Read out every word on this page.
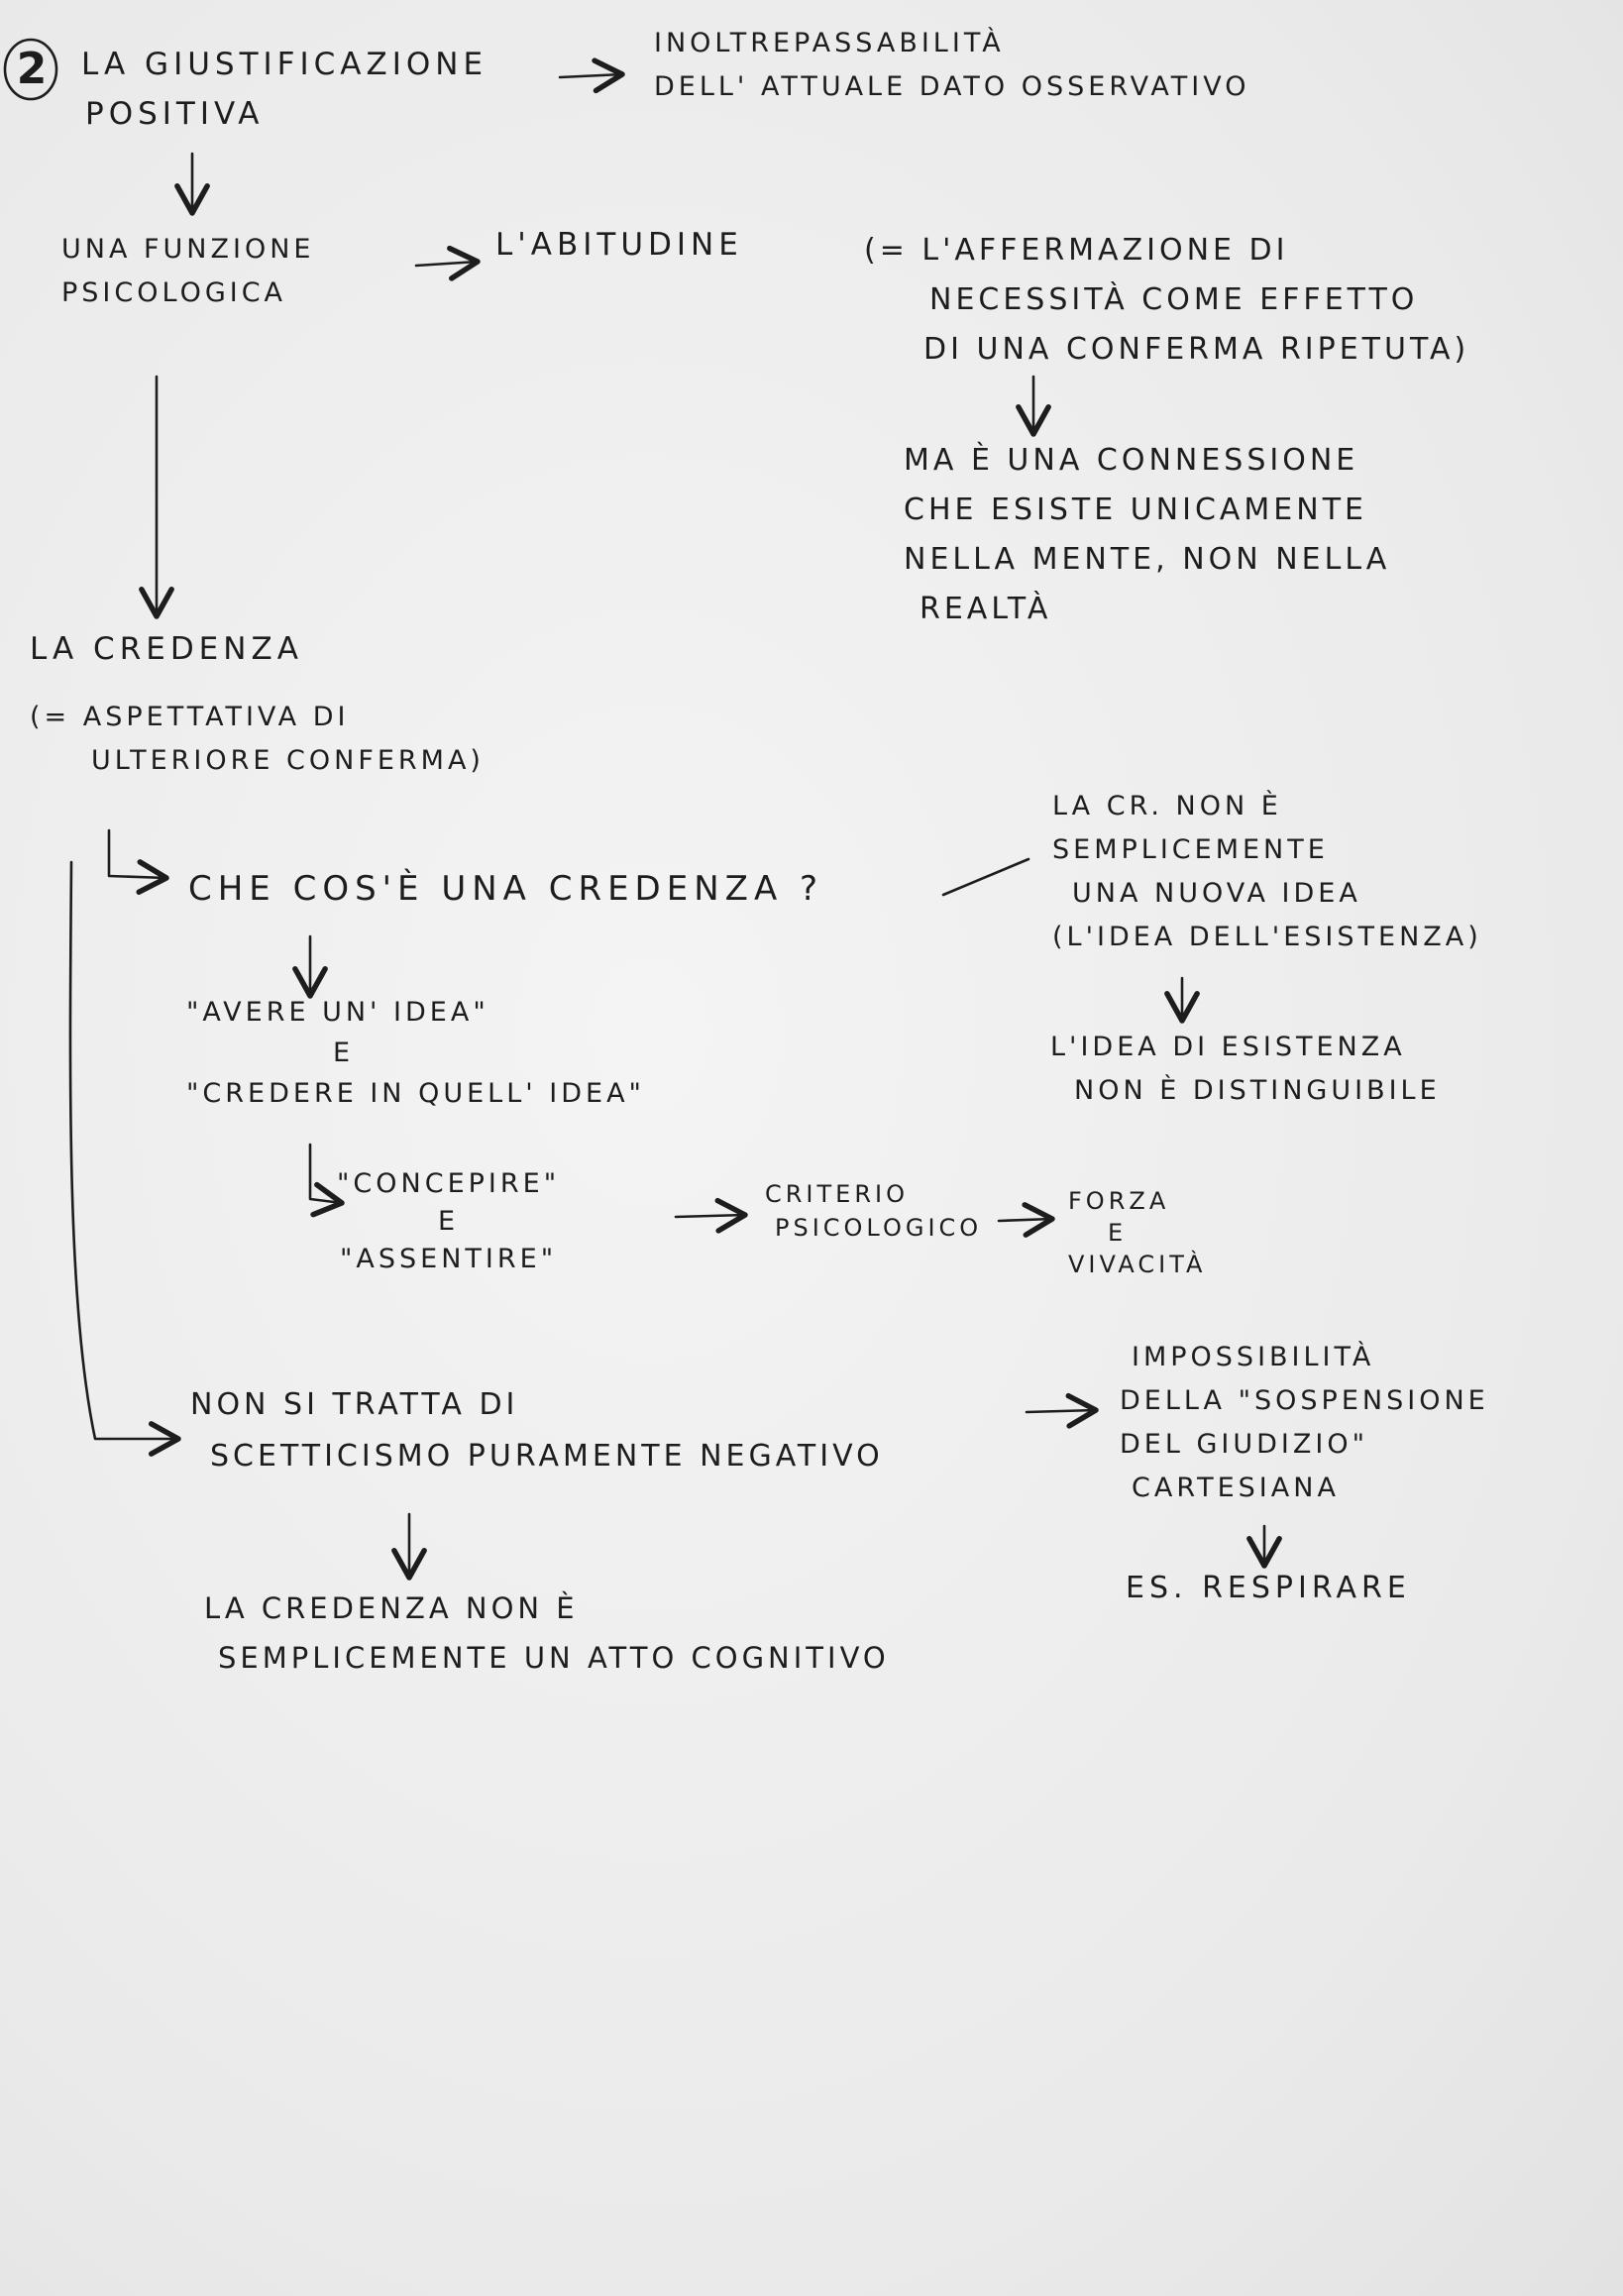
2 LA GIUSTIFICAZIONE
POSITIVA
INOLTREPASSABILITÀ
DELL' ATTUALE DATO OSSERVATIVO
UNA FUNZIONE
PSICOLOGICA
L'ABITUDINE	(= L'AFFERMAZIONE DI
NECESSITÀ COME EFFETTO
DI UNA CONFERMA RIPETUTA)
MA È UNA CONNESSIONE
CHE ESISTE UNICAMENTE
NELLA MENTE, NON NELLA
REALTÀ
LA CREDENZA
(= ASPETTATIVA DI
ULTERIORE CONFERMA)
CHE COS'È UNA CREDENZA ?
LA CR. NON È
SEMPLICEMENTE
UNA NUOVA IDEA
(L'IDEA DELL'ESISTENZA)
L'IDEA DI ESISTENZA
NON È DISTINGUIBILE
"AVERE UN' IDEA"
E
"CREDERE IN QUELL' IDEA"
"CONCEPIRE"
E
"ASSENTIRE"
CRITERIO
PSICOLOGICO
FORZA
E
VIVACITÀ
NON SI TRATTA DI
SCETTICISMO PURAMENTE NEGATIVO
IMPOSSIBILITÀ
DELLA "SOSPENSIONE
DEL GIUDIZIO"
CARTESIANA
ES. RESPIRARE
LA CREDENZA NON È
SEMPLICEMENTE UN ATTO COGNITIVO
